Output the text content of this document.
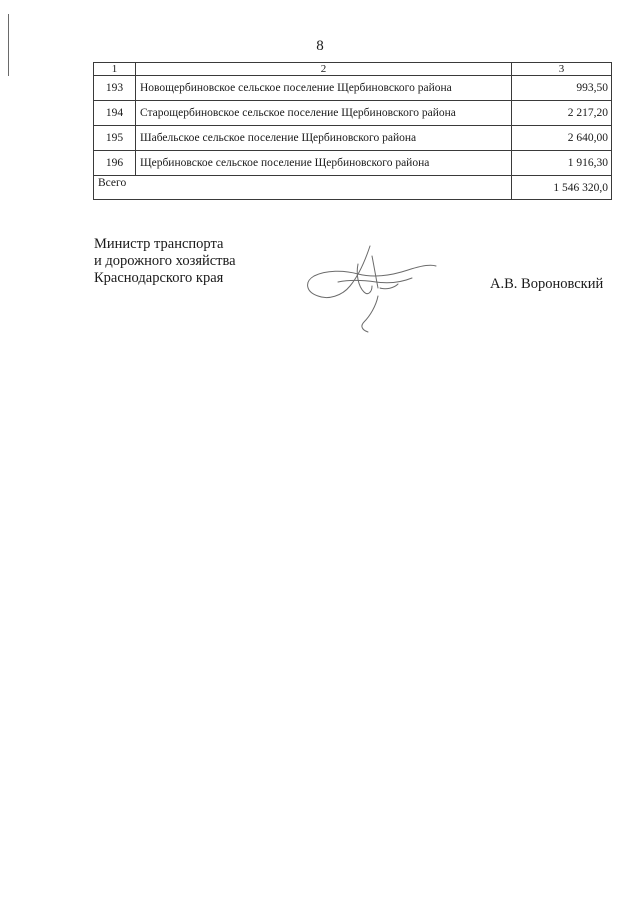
8
1	2	3
193	Новощербиновское сельское поселение Щербиновского района	993,50
194	Старощербиновское сельское поселение Щербиновского района	2 217,20
195	Шабельское сельское поселение Щербиновского района	2 640,00
196	Щербиновское сельское поселение Щербиновского района	1 916,30
Всего		1 546 320,0
Министр транспорта
и дорожного хозяйства
Краснодарского края	А.В. Вороновский
